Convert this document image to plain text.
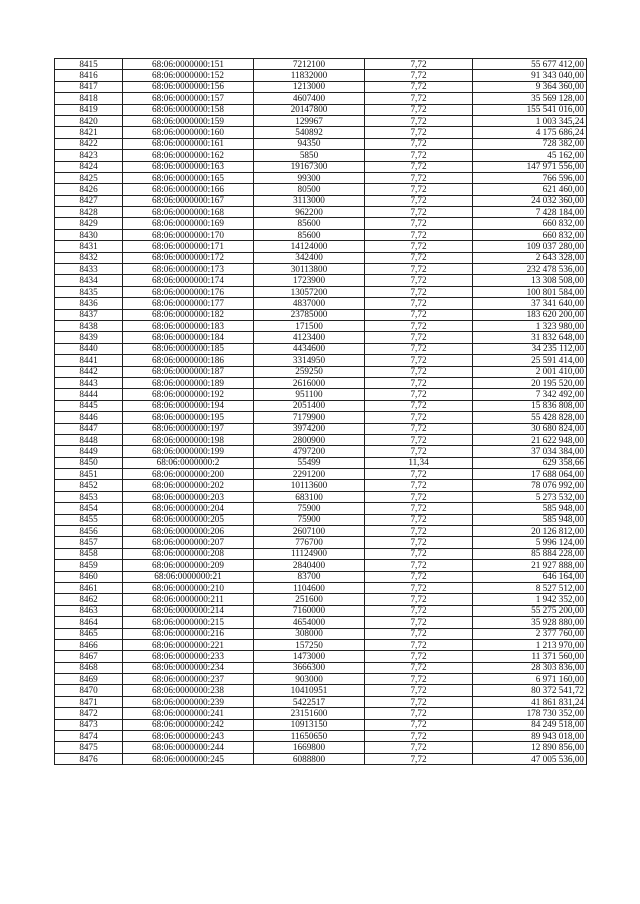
8415	68:06:0000000:151	7212100	7,72	55 677 412,00
8416	68:06:0000000:152	11832000	7,72	91 343 040,00
8417	68:06:0000000:156	1213000	7,72	9 364 360,00
8418	68:06:0000000:157	4607400	7,72	35 569 128,00
8419	68:06:0000000:158	20147800	7,72	155 541 016,00
8420	68:06:0000000:159	129967	7,72	1 003 345,24
8421	68:06:0000000:160	540892	7,72	4 175 686,24
8422	68:06:0000000:161	94350	7,72	728 382,00
8423	68:06:0000000:162	5850	7,72	45 162,00
8424	68:06:0000000:163	19167300	7,72	147 971 556,00
8425	68:06:0000000:165	99300	7,72	766 596,00
8426	68:06:0000000:166	80500	7,72	621 460,00
8427	68:06:0000000:167	3113000	7,72	24 032 360,00
8428	68:06:0000000:168	962200	7,72	7 428 184,00
8429	68:06:0000000:169	85600	7,72	660 832,00
8430	68:06:0000000:170	85600	7,72	660 832,00
8431	68:06:0000000:171	14124000	7,72	109 037 280,00
8432	68:06:0000000:172	342400	7,72	2 643 328,00
8433	68:06:0000000:173	30113800	7,72	232 478 536,00
8434	68:06:0000000:174	1723900	7,72	13 308 508,00
8435	68:06:0000000:176	13057200	7,72	100 801 584,00
8436	68:06:0000000:177	4837000	7,72	37 341 640,00
8437	68:06:0000000:182	23785000	7,72	183 620 200,00
8438	68:06:0000000:183	171500	7,72	1 323 980,00
8439	68:06:0000000:184	4123400	7,72	31 832 648,00
8440	68:06:0000000:185	4434600	7,72	34 235 112,00
8441	68:06:0000000:186	3314950	7,72	25 591 414,00
8442	68:06:0000000:187	259250	7,72	2 001 410,00
8443	68:06:0000000:189	2616000	7,72	20 195 520,00
8444	68:06:0000000:192	951100	7,72	7 342 492,00
8445	68:06:0000000:194	2051400	7,72	15 836 808,00
8446	68:06:0000000:195	7179900	7,72	55 428 828,00
8447	68:06:0000000:197	3974200	7,72	30 680 824,00
8448	68:06:0000000:198	2800900	7,72	21 622 948,00
8449	68:06:0000000:199	4797200	7,72	37 034 384,00
8450	68:06:0000000:2	55499	11,34	629 358,66
8451	68:06:0000000:200	2291200	7,72	17 688 064,00
8452	68:06:0000000:202	10113600	7,72	78 076 992,00
8453	68:06:0000000:203	683100	7,72	5 273 532,00
8454	68:06:0000000:204	75900	7,72	585 948,00
8455	68:06:0000000:205	75900	7,72	585 948,00
8456	68:06:0000000:206	2607100	7,72	20 126 812,00
8457	68:06:0000000:207	776700	7,72	5 996 124,00
8458	68:06:0000000:208	11124900	7,72	85 884 228,00
8459	68:06:0000000:209	2840400	7,72	21 927 888,00
8460	68:06:0000000:21	83700	7,72	646 164,00
8461	68:06:0000000:210	1104600	7,72	8 527 512,00
8462	68:06:0000000:211	251600	7,72	1 942 352,00
8463	68:06:0000000:214	7160000	7,72	55 275 200,00
8464	68:06:0000000:215	4654000	7,72	35 928 880,00
8465	68:06:0000000:216	308000	7,72	2 377 760,00
8466	68:06:0000000:221	157250	7,72	1 213 970,00
8467	68:06:0000000:233	1473000	7,72	11 371 560,00
8468	68:06:0000000:234	3666300	7,72	28 303 836,00
8469	68:06:0000000:237	903000	7,72	6 971 160,00
8470	68:06:0000000:238	10410951	7,72	80 372 541,72
8471	68:06:0000000:239	5422517	7,72	41 861 831,24
8472	68:06:0000000:241	23151600	7,72	178 730 352,00
8473	68:06:0000000:242	10913150	7,72	84 249 518,00
8474	68:06:0000000:243	11650650	7,72	89 943 018,00
8475	68:06:0000000:244	1669800	7,72	12 890 856,00
8476	68:06:0000000:245	6088800	7,72	47 005 536,00
